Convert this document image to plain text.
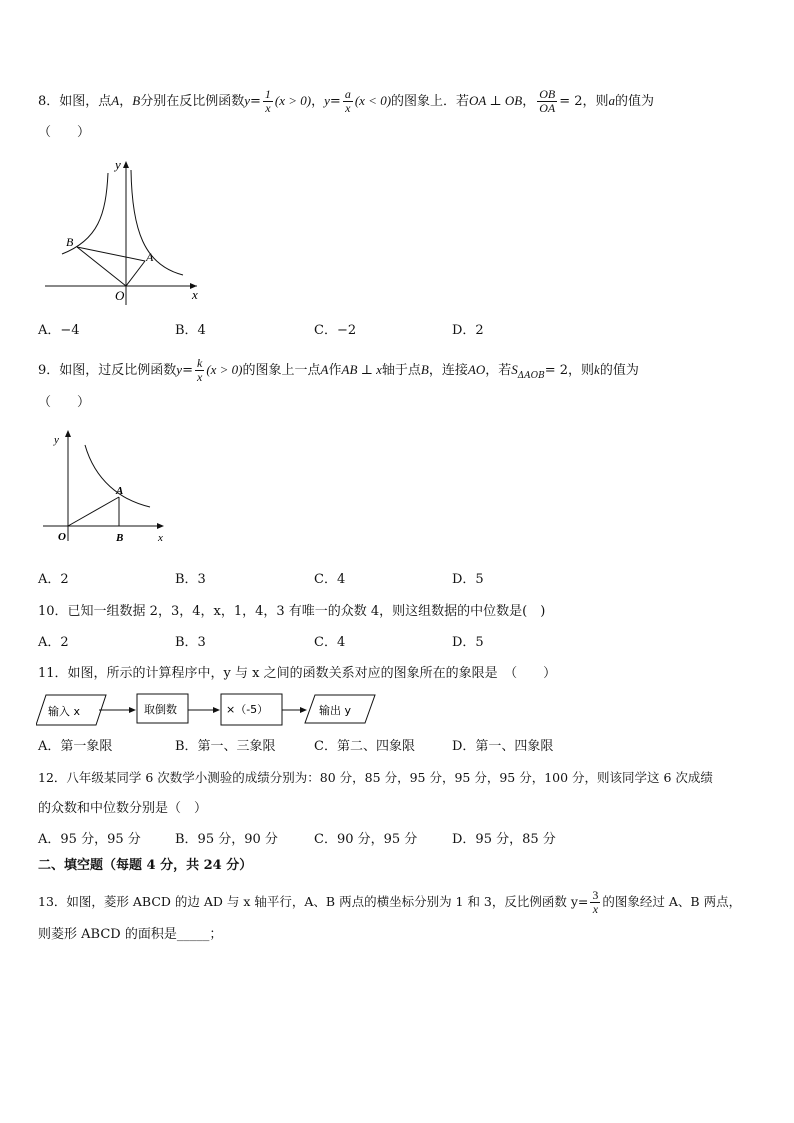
8．如图，点A，B分别在反比例函数$y= \frac{1}{x} (x > 0)$，$y= \frac{a}{x} (x < 0)$的图象上．若OA ⊥ OB， $\frac{OB}{OA} = 2$，则a的值为
（　　）
y
x
O
A
B
A．−4	B．4	C．−2	D．2
9．如图，过反比例函数$y= \frac{k}{x} (x > 0)$的图象上一点A作AB ⊥ x轴于点B，连接AO，若$S_{\Delta AOB}= 2$，则k的值为
（　　）
y
x
O	B
A
A．2	B．3	C．4	D．5
10．已知一组数据 2，3，4，x，1，4，3 有唯一的众数 4，则这组数据的中位数是(　)
A．2	B．3	C．4	D．5
11．如图，所示的计算程序中，y 与 x 之间的函数关系对应的图象所在的象限是　（　　）
输入 x	取倒数	×（-5）	输出 y
A．第一象限	B．第一、三象限	C．第二、四象限	D．第一、四象限
12．八年级某同学 6 次数学小测验的成绩分别为：80 分，85 分，95 分，95 分，95 分，100 分，则该同学这 6 次成绩
的众数和中位数分别是（　）
A．95 分，95 分	B．95 分，90 分	C．90 分，95 分	D．95 分，85 分
二、填空题（每题 4 分，共 24 分）
13．如图，菱形 ABCD 的边 AD 与 x 轴平行，A、B 两点的横坐标分别为 1 和 3，反比例函数 $y= \frac{3}{x}$ 的图象经过 A、B 两点，
则菱形 ABCD 的面积是_____；
